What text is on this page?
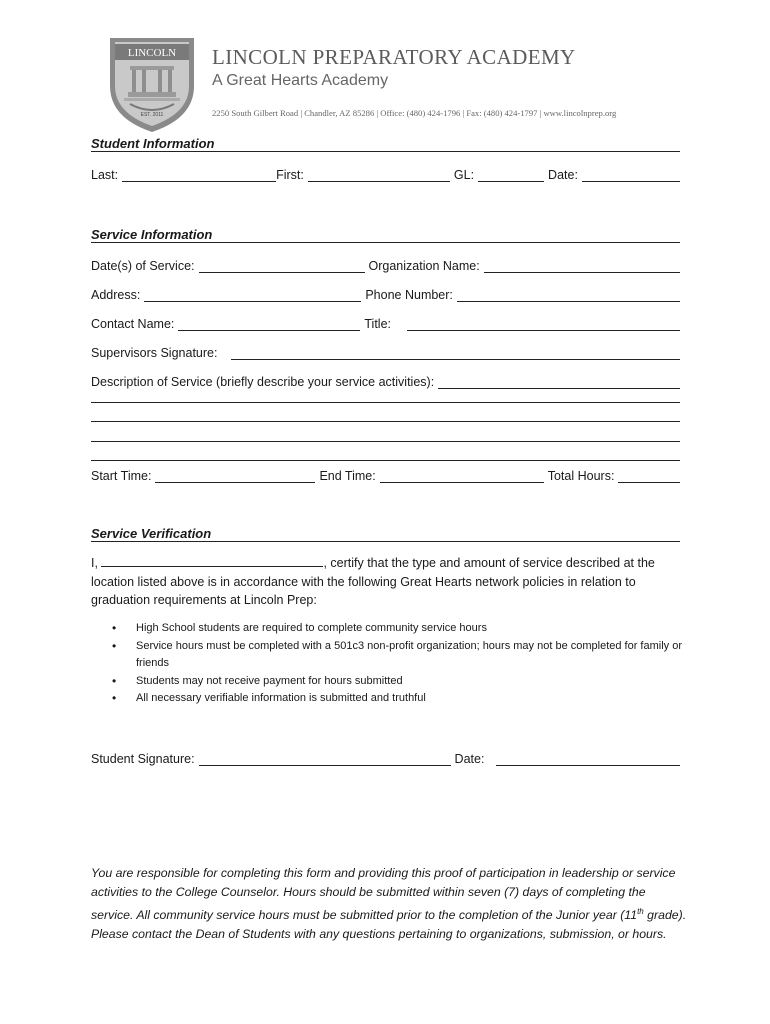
LINCOLN
EST. 2011
LINCOLN PREPARATORY ACADEMY
A Great Hearts Academy
2250 South Gilbert Road | Chandler, AZ 85286 | Office: (480) 424-1796 | Fax: (480) 424-1797 | www.lincolnprep.org
Student Information
Last:	First:	GL:	Date:
Service Information
Date(s) of Service:	Organization Name:
Address:	Phone Number:
Contact Name:	Title:
Supervisors Signature:
Description of Service (briefly describe your service activities):
Start Time:	End Time:	Total Hours:
Service Verification
I,	, certify that the type and amount of service described at the location listed above is in accordance with the following Great Hearts network policies in relation to graduation requirements at Lincoln Prep:
• High School students are required to complete community service hours
• Service hours must be completed with a 501c3 non-profit organization; hours may not be completed for family or friends
• Students may not receive payment for hours submitted
• All necessary verifiable information is submitted and truthful
Student Signature:	Date:
You are responsible for completing this form and providing this proof of participation in leadership or service activities to the College Counselor. Hours should be submitted within seven (7) days of completing the service. All community service hours must be submitted prior to the completion of the Junior year (11th grade). Please contact the Dean of Students with any questions pertaining to organizations, submission, or hours.
